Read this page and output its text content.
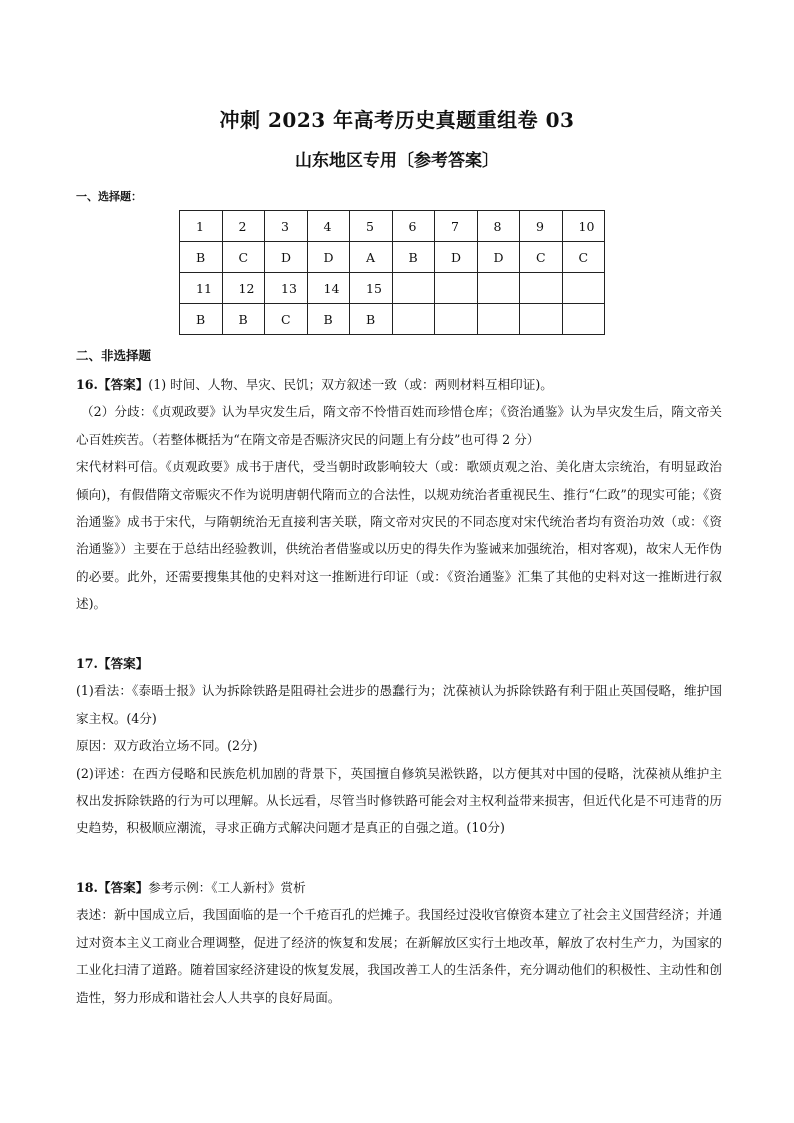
冲刺 2023 年高考历史真题重组卷 03
山东地区专用〔参考答案〕
一、选择题：
1	2	3	4	5	6	7	8	9	10
B	C	D	D	A	B	D	D	C	C
11	12	13	14	15					
B	B	C	B	B					
二、非选择题

16.【答案】(1) 时间、人物、旱灾、民饥；双方叙述一致（或：两则材料互相印证)。

（2）分歧：《贞观政要》认为旱灾发生后，隋文帝不怜惜百姓而珍惜仓库；《资治通鉴》认为旱灾发生后，隋文帝关心百姓疾苦。（若整体概括为“在隋文帝是否赈济灾民的问题上有分歧”也可得 2 分）

宋代材料可信。《贞观政要》成书于唐代，受当朝时政影响较大（或：歌颂贞观之治、美化唐太宗统治，有明显政治倾向)，有假借隋文帝赈灾不作为说明唐朝代隋而立的合法性，以规劝统治者重视民生、推行“仁政”的现实可能；《资治通鉴》成书于宋代，与隋朝统治无直接利害关联，隋文帝对灾民的不同态度对宋代统治者均有资治功效（或：《资治通鉴》）主要在于总结出经验教训，供统治者借鉴或以历史的得失作为鉴诫来加强统治，相对客观)，故宋人无作伪的必要。此外，还需要搜集其他的史料对这一推断进行印证（或：《资治通鉴》汇集了其他的史料对这一推断进行叙述)。

17.【答案】

(1)看法：《泰晤士报》认为拆除铁路是阻碍社会进步的愚蠢行为；沈葆祯认为拆除铁路有利于阻止英国侵略，维护国家主权。(4分)

原因：双方政治立场不同。(2分)

(2)评述：在西方侵略和民族危机加剧的背景下，英国擅自修筑吴淞铁路，以方便其对中国的侵略，沈葆祯从维护主权出发拆除铁路的行为可以理解。从长远看，尽管当时修铁路可能会对主权利益带来损害，但近代化是不可违背的历史趋势，积极顺应潮流，寻求正确方式解决问题才是真正的自强之道。(10分)

18.【答案】参考示例：《工人新村》赏析

表述：新中国成立后，我国面临的是一个千疮百孔的烂摊子。我国经过没收官僚资本建立了社会主义国营经济；并通过对资本主义工商业合理调整，促进了经济的恢复和发展；在新解放区实行土地改革，解放了农村生产力，为国家的工业化扫清了道路。随着国家经济建设的恢复发展，我国改善工人的生活条件，充分调动他们的积极性、主动性和创造性，努力形成和谐社会人人共享的良好局面。
